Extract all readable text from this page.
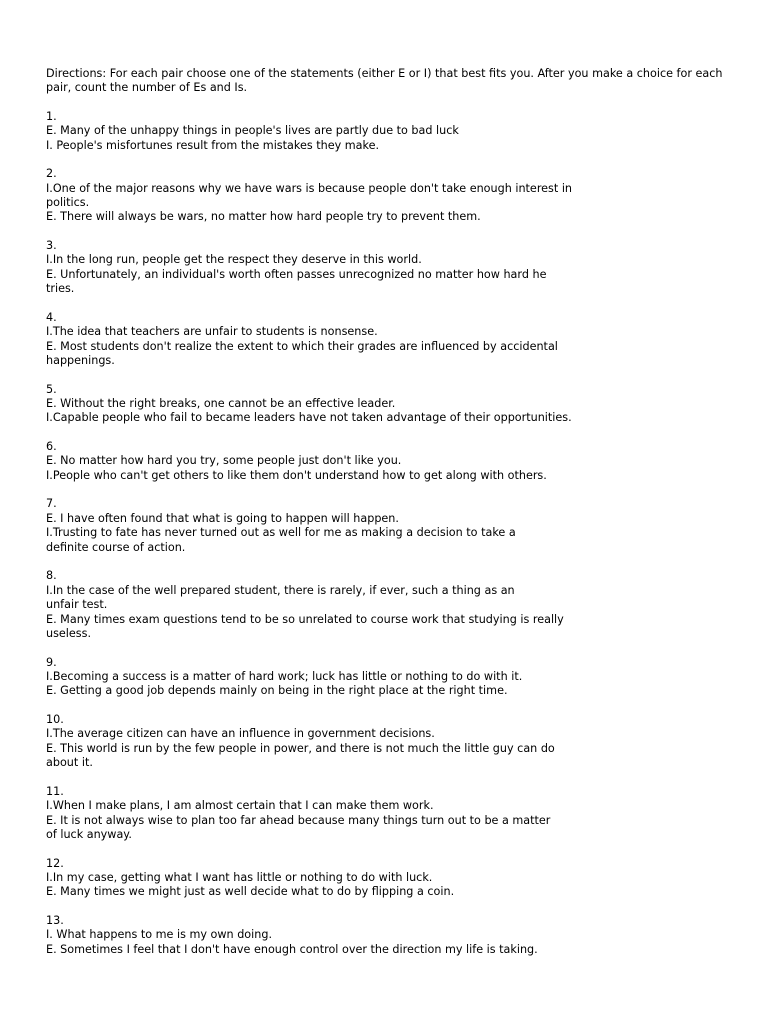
Directions: For each pair choose one of the statements (either E or I) that best fits you. After you make a choice for each pair, count the number of Es and Is.
1.
E. Many of the unhappy things in people's lives are partly due to bad luck
I. People's misfortunes result from the mistakes they make.
2.
I.One of the major reasons why we have wars is because people don't take enough interest in
politics.
E. There will always be wars, no matter how hard people try to prevent them.
3.
I.In the long run, people get the respect they deserve in this world.
E. Unfortunately, an individual's worth often passes unrecognized no matter how hard he
tries.
4.
I.The idea that teachers are unfair to students is nonsense.
E. Most students don't realize the extent to which their grades are influenced by accidental
happenings.
5.
E. Without the right breaks, one cannot be an effective leader.
I.Capable people who fail to became leaders have not taken advantage of their opportunities.
6.
E. No matter how hard you try, some people just don't like you.
I.People who can't get others to like them don't understand how to get along with others.
7.
E. I have often found that what is going to happen will happen.
I.Trusting to fate has never turned out as well for me as making a decision to take a
definite course of action.
8.
I.In the case of the well prepared student, there is rarely, if ever, such a thing as an
unfair test.
E. Many times exam questions tend to be so unrelated to course work that studying is really
useless.
9.
I.Becoming a success is a matter of hard work; luck has little or nothing to do with it.
E. Getting a good job depends mainly on being in the right place at the right time.
10.
I.The average citizen can have an influence in government decisions.
E. This world is run by the few people in power, and there is not much the little guy can do
about it.
11.
I.When I make plans, I am almost certain that I can make them work.
E. It is not always wise to plan too far ahead because many things turn out to be a matter
of luck anyway.
12.
I.In my case, getting what I want has little or nothing to do with luck.
E. Many times we might just as well decide what to do by flipping a coin.
13.
I. What happens to me is my own doing.
E. Sometimes I feel that I don't have enough control over the direction my life is taking.
